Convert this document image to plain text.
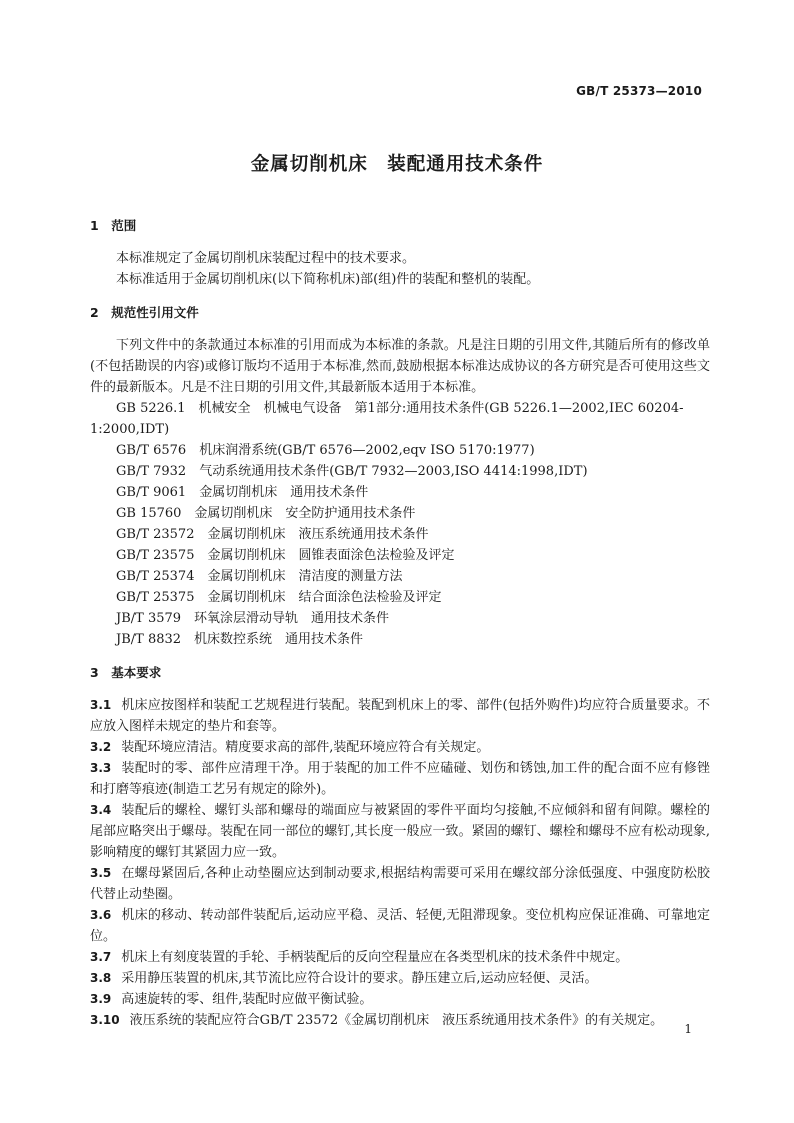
GB/T 25373—2010
金属切削机床　装配通用技术条件
1　范围
本标准规定了金属切削机床装配过程中的技术要求。
本标准适用于金属切削机床(以下简称机床)部(组)件的装配和整机的装配。
2　规范性引用文件
下列文件中的条款通过本标准的引用而成为本标准的条款。凡是注日期的引用文件,其随后所有的修改单(不包括勘误的内容)或修订版均不适用于本标准,然而,鼓励根据本标准达成协议的各方研究是否可使用这些文件的最新版本。凡是不注日期的引用文件,其最新版本适用于本标准。
GB 5226.1　机械安全　机械电气设备　第1部分:通用技术条件(GB 5226.1—2002,IEC 60204-1:2000,IDT)
GB/T 6576　机床润滑系统(GB/T 6576—2002,eqv ISO 5170:1977)
GB/T 7932　气动系统通用技术条件(GB/T 7932—2003,ISO 4414:1998,IDT)
GB/T 9061　金属切削机床　通用技术条件
GB 15760　金属切削机床　安全防护通用技术条件
GB/T 23572　金属切削机床　液压系统通用技术条件
GB/T 23575　金属切削机床　圆锥表面涂色法检验及评定
GB/T 25374　金属切削机床　清洁度的测量方法
GB/T 25375　金属切削机床　结合面涂色法检验及评定
JB/T 3579　环氧涂层滑动导轨　通用技术条件
JB/T 8832　机床数控系统　通用技术条件
3　基本要求
3.1 机床应按图样和装配工艺规程进行装配。装配到机床上的零、部件(包括外购件)均应符合质量要求。不应放入图样未规定的垫片和套等。
3.2 装配环境应清洁。精度要求高的部件,装配环境应符合有关规定。
3.3 装配时的零、部件应清理干净。用于装配的加工件不应磕碰、划伤和锈蚀,加工件的配合面不应有修锉和打磨等痕迹(制造工艺另有规定的除外)。
3.4 装配后的螺栓、螺钉头部和螺母的端面应与被紧固的零件平面均匀接触,不应倾斜和留有间隙。螺栓的尾部应略突出于螺母。装配在同一部位的螺钉,其长度一般应一致。紧固的螺钉、螺栓和螺母不应有松动现象,影响精度的螺钉其紧固力应一致。
3.5 在螺母紧固后,各种止动垫圈应达到制动要求,根据结构需要可采用在螺纹部分涂低强度、中强度防松胶代替止动垫圈。
3.6 机床的移动、转动部件装配后,运动应平稳、灵活、轻便,无阻滞现象。变位机构应保证准确、可靠地定位。
3.7 机床上有刻度装置的手轮、手柄装配后的反向空程量应在各类型机床的技术条件中规定。
3.8 采用静压装置的机床,其节流比应符合设计的要求。静压建立后,运动应轻便、灵活。
3.9 高速旋转的零、组件,装配时应做平衡试验。
3.10 液压系统的装配应符合GB/T 23572《金属切削机床　液压系统通用技术条件》的有关规定。
1
